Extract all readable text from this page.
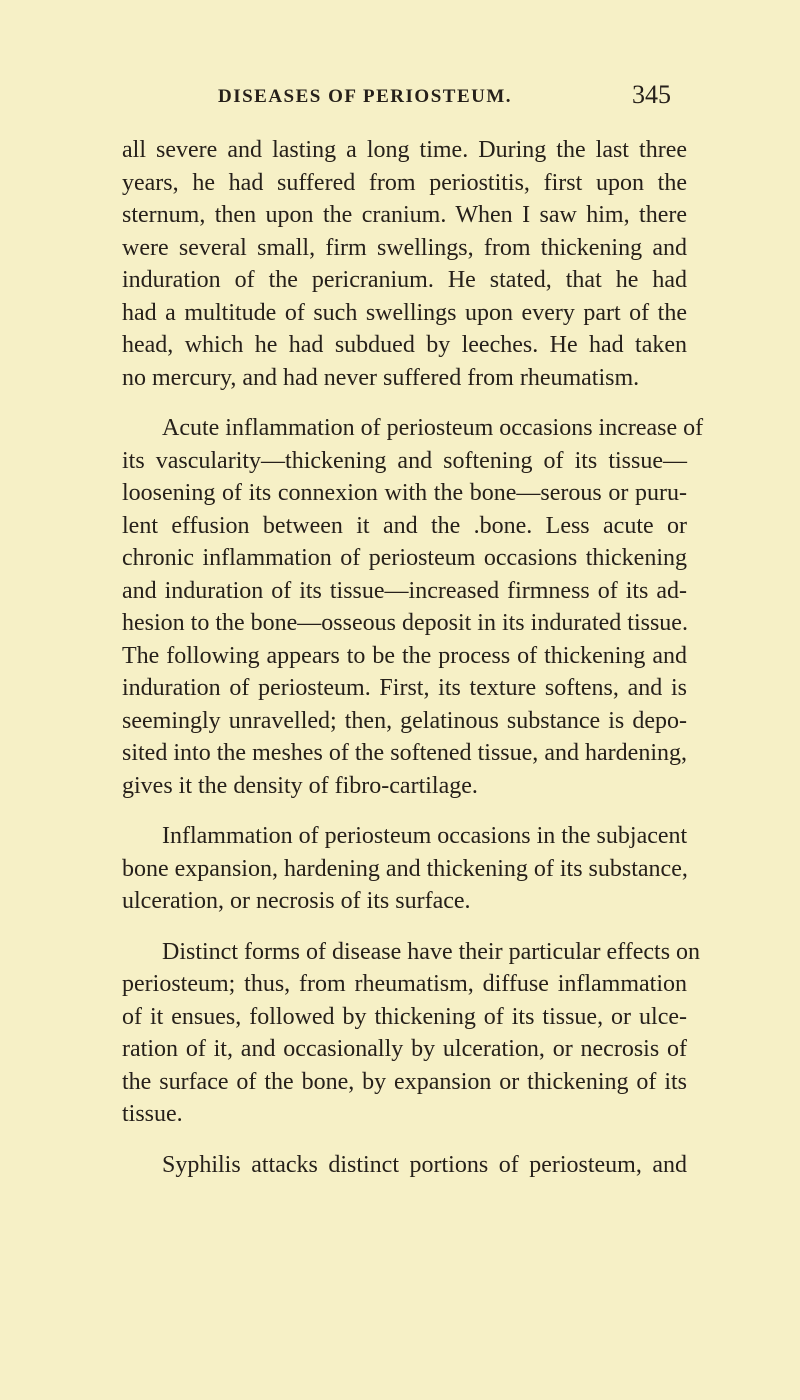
DISEASES OF PERIOSTEUM.	345
all severe and lasting a long time. During the last three
years, he had suffered from periostitis, first upon the
sternum, then upon the cranium. When I saw him, there
were several small, firm swellings, from thickening and
induration of the pericranium. He stated, that he had
had a multitude of such swellings upon every part of the
head, which he had subdued by leeches. He had taken
no mercury, and had never suffered from rheumatism.
Acute inflammation of periosteum occasions increase of
its vascularity—thickening and softening of its tissue—
loosening of its connexion with the bone—serous or puru-
lent effusion between it and the .bone. Less acute or
chronic inflammation of periosteum occasions thickening
and induration of its tissue—increased firmness of its ad-
hesion to the bone—osseous deposit in its indurated tissue.
The following appears to be the process of thickening and
induration of periosteum. First, its texture softens, and is
seemingly unravelled; then, gelatinous substance is depo-
sited into the meshes of the softened tissue, and hardening,
gives it the density of fibro-cartilage.
Inflammation of periosteum occasions in the subjacent
bone expansion, hardening and thickening of its substance,
ulceration, or necrosis of its surface.
Distinct forms of disease have their particular effects on
periosteum; thus, from rheumatism, diffuse inflammation
of it ensues, followed by thickening of its tissue, or ulce-
ration of it, and occasionally by ulceration, or necrosis of
the surface of the bone, by expansion or thickening of its
tissue.
Syphilis attacks distinct portions of periosteum, and
